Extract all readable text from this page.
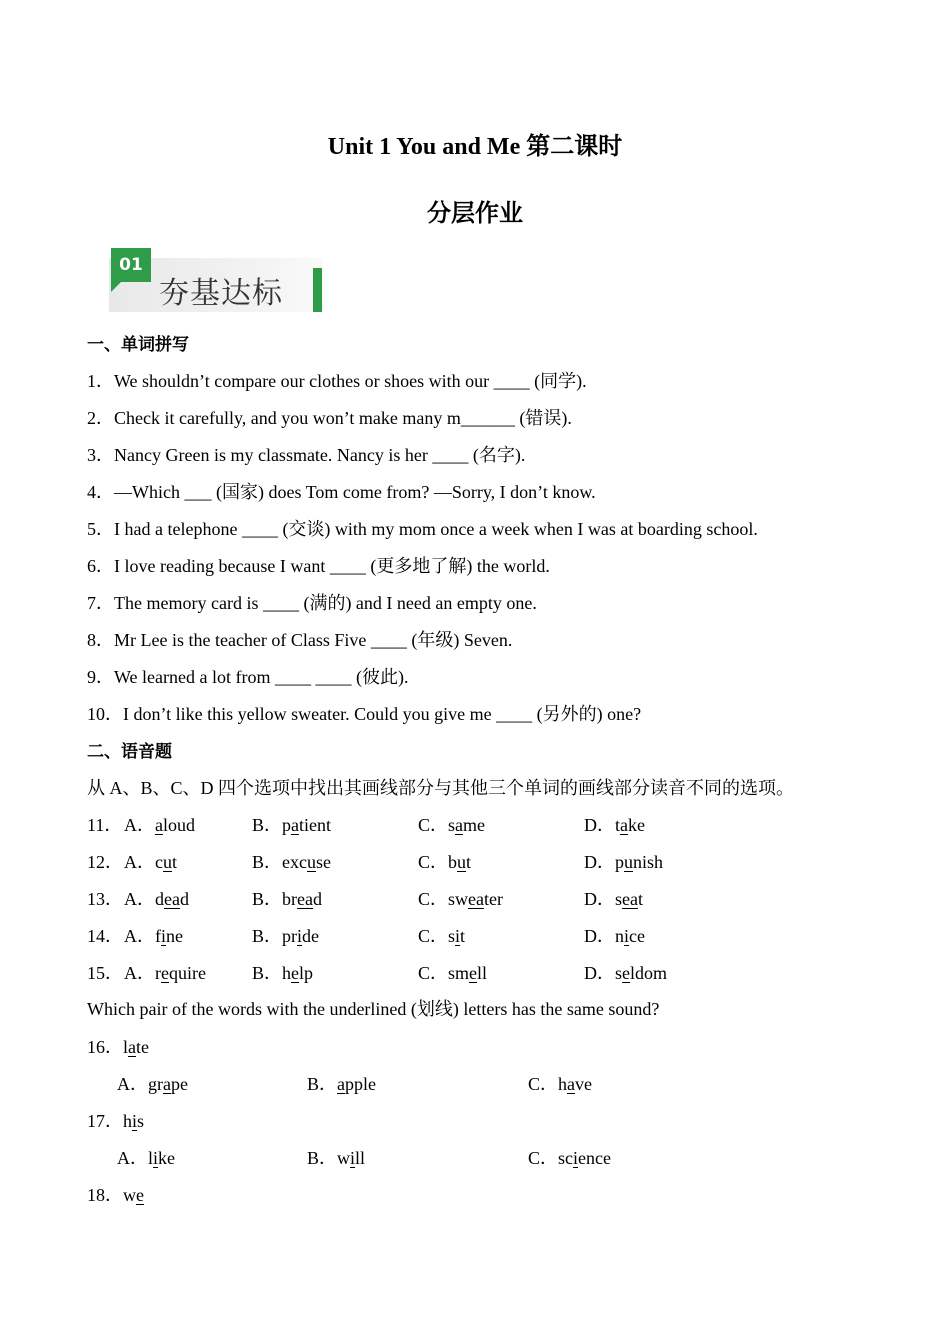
Unit 1 You and Me 第二课时
分层作业
01
夯基达标
一、单词拼写
1．We shouldn’t compare our clothes or shoes with our ____ (同学).
2．Check it carefully, and you won’t make many m______ (错误).
3．Nancy Green is my classmate. Nancy is her ____ (名字).
4．—Which ___ (国家) does Tom come from? —Sorry, I don’t know.
5．I had a telephone ____ (交谈) with my mom once a week when I was at boarding school.
6．I love reading because I want ____ (更多地了解) the world.
7．The memory card is ____ (满的) and I need an empty one.
8．Mr Lee is the teacher of Class Five ____ (年级) Seven.
9．We learned a lot from ____ ____ (彼此).
10．I don’t like this yellow sweater. Could you give me ____ (另外的) one?
二、语音题
从 A、B、C、D 四个选项中找出其画线部分与其他三个单词的画线部分读音不同的选项。
11． A．aloud	B．patient	C．same	D．take
12． A．cut	B．excuse	C．but	D．punish
13． A．dead	B．bread	C．sweater	D．seat
14． A．fine	B．pride	C．sit	D．nice
15． A．require	B．help	C．smell	D．seldom
Which pair of the words with the underlined (划线) letters has the same sound?
16．late
A．grape	B．apple	C．have
17．his
A．like	B．will	C．science
18．we
